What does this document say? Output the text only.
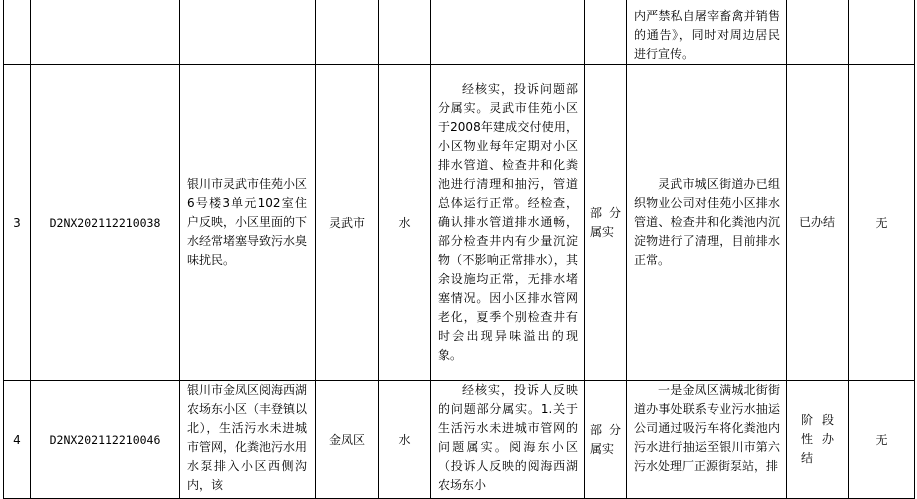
							内严禁私自屠宰畜禽并销售的通告》，同时对周边居民进行宣传。		

3	D2NX202112210038	银川市灵武市佳苑小区6号楼3单元102室住户反映，小区里面的下水经常堵塞导致污水臭味扰民。	灵武市	水	经核实，投诉问题部分属实。灵武市佳苑小区于2008年建成交付使用，小区物业每年定期对小区排水管道、检查井和化粪池进行清理和抽污，管道总体运行正常。经检查，确认排水管道排水通畅，部分检查井内有少量沉淀物（不影响正常排水），其余设施均正常，无排水堵塞情况。因小区排水管网老化，夏季个别检查井有时会出现异味溢出的现象。	部分属实	灵武市城区街道办已组织物业公司对佳苑小区排水管道、检查井和化粪池内沉淀物进行了清理，目前排水正常。	已办结	无
4	D2NX202112210046	银川市金凤区阅海西湖农场东小区（丰登镇以北），生活污水未进城市管网，化粪池污水用水泵排入小区西侧沟内，该	金凤区	水	经核实，投诉人反映的问题部分属实。1.关于生活污水未进城市管网的问题属实。阅海东小区（投诉人反映的阅海西湖农场东小	部分属实	一是金凤区满城北街街道办事处联系专业污水抽运公司通过吸污车将化粪池内污水进行抽运至银川市第六污水处理厂正源街泵站，排	阶段性办结	无
